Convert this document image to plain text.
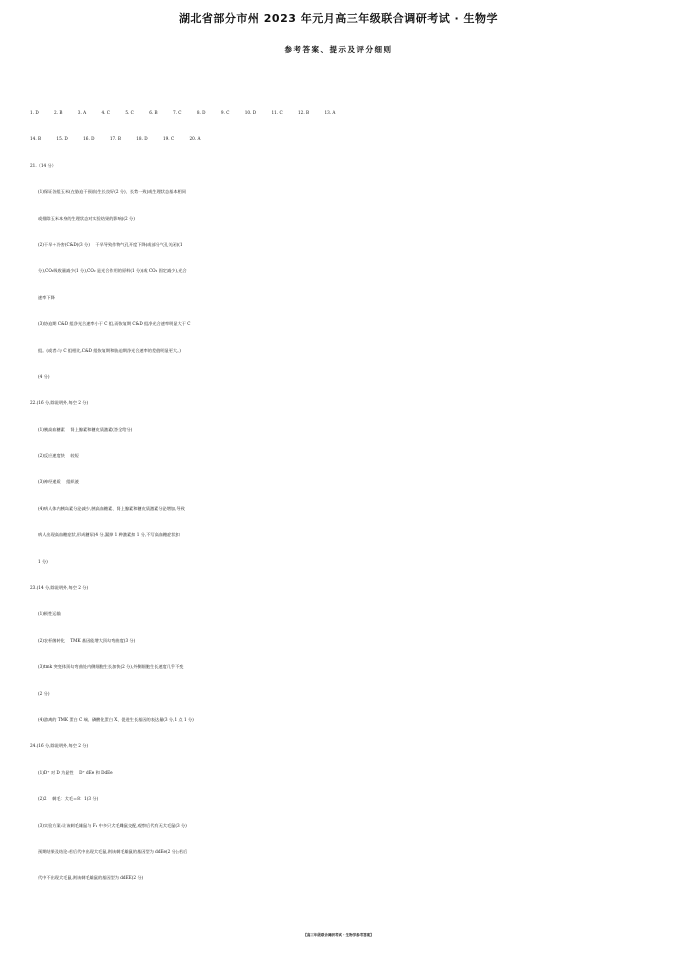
湖北省部分市州 2023 年元月高三年级联合调研考试 · 生物学
参考答案、提示及评分细则
1. D	2. B	3. A	4. C	5. C	6. B	7. C	8. D	9. C	10. D	11. C	12. B	13. A
14. B	15. D	16. D	17. B	18. D	19. C	20. A
21.（14 分）
(1)保证各组玉米(在胁迫干预前)生长良好(2 分)、长势一致(或生理状态基本相同
或排除玉米本身的生理状态对实验结果的影响)(2 分)
(2)干旱＋冷害(C&D)(3 分)　 干旱导致作物气孔开度下降(或部分气孔关闭)(1
分),CO₂吸收量减少(1 分),CO₂ 是光合作用的原料(1 分)(或 CO₂ 固定减少),光合
速率下降
(3)协迫期 C&D 组净光合速率小于 C 组,而恢复期 C&D 组净光合速率明显大于 C
组。(或者:与 C 组相比,C&D 组恢复期和胁迫期净光合速率的差值明显更大。)
(4 分)
22.(16 分,除说明外,每空 2 分)
(1)胰高血糖素　 肾上腺素和糖皮质激素(答全给分)
(2)反应速度快　 较短
(3)神经递质　 组织液
(4)病人体内胰岛素分泌减少,胰高血糖素、肾上腺素和糖皮质激素分泌增加,导致
病人出现高血糖症状,形成糖尿(4 分,漏掉 1 种激素扣 1 分,不写高血糖症状扣
1 分)
23.(14 分,除说明外,每空 2 分)
(1)极性运输
(2)农杆菌转化　 TMK 基因能增大顶勾弯曲度(3 分)
(3)tmk 突变体顶勾弯曲处内侧细胞生长加快(2 分),外侧细胞生长速度几乎不变
(2 分)
(4)游离的 TMK 蛋白 C 端、磷酸化蛋白 X、促进生长基因的表达量(3 分,1 点 1 分)
24.(16 分,除说明外,每空 2 分)
(1)D⁺ 对 D 为显性　 D⁺ dEe 和 DdEe
(2)2　 刺毛：犬毛＝8：1(3 分)
(3)实验方案:让该刺毛雄鼠与 F₁ 中多只犬毛雌鼠交配,观察后代有无犬毛鼠(3 分)
预期结果及结论:若后代中出现犬毛鼠,则该刺毛雄鼠的基因型为 ddEe(2 分);若后
代中不出现犬毛鼠,则该刺毛雄鼠的基因型为 ddEE(2 分)
【高三年级联合调研考试 · 生物学参考答案】
